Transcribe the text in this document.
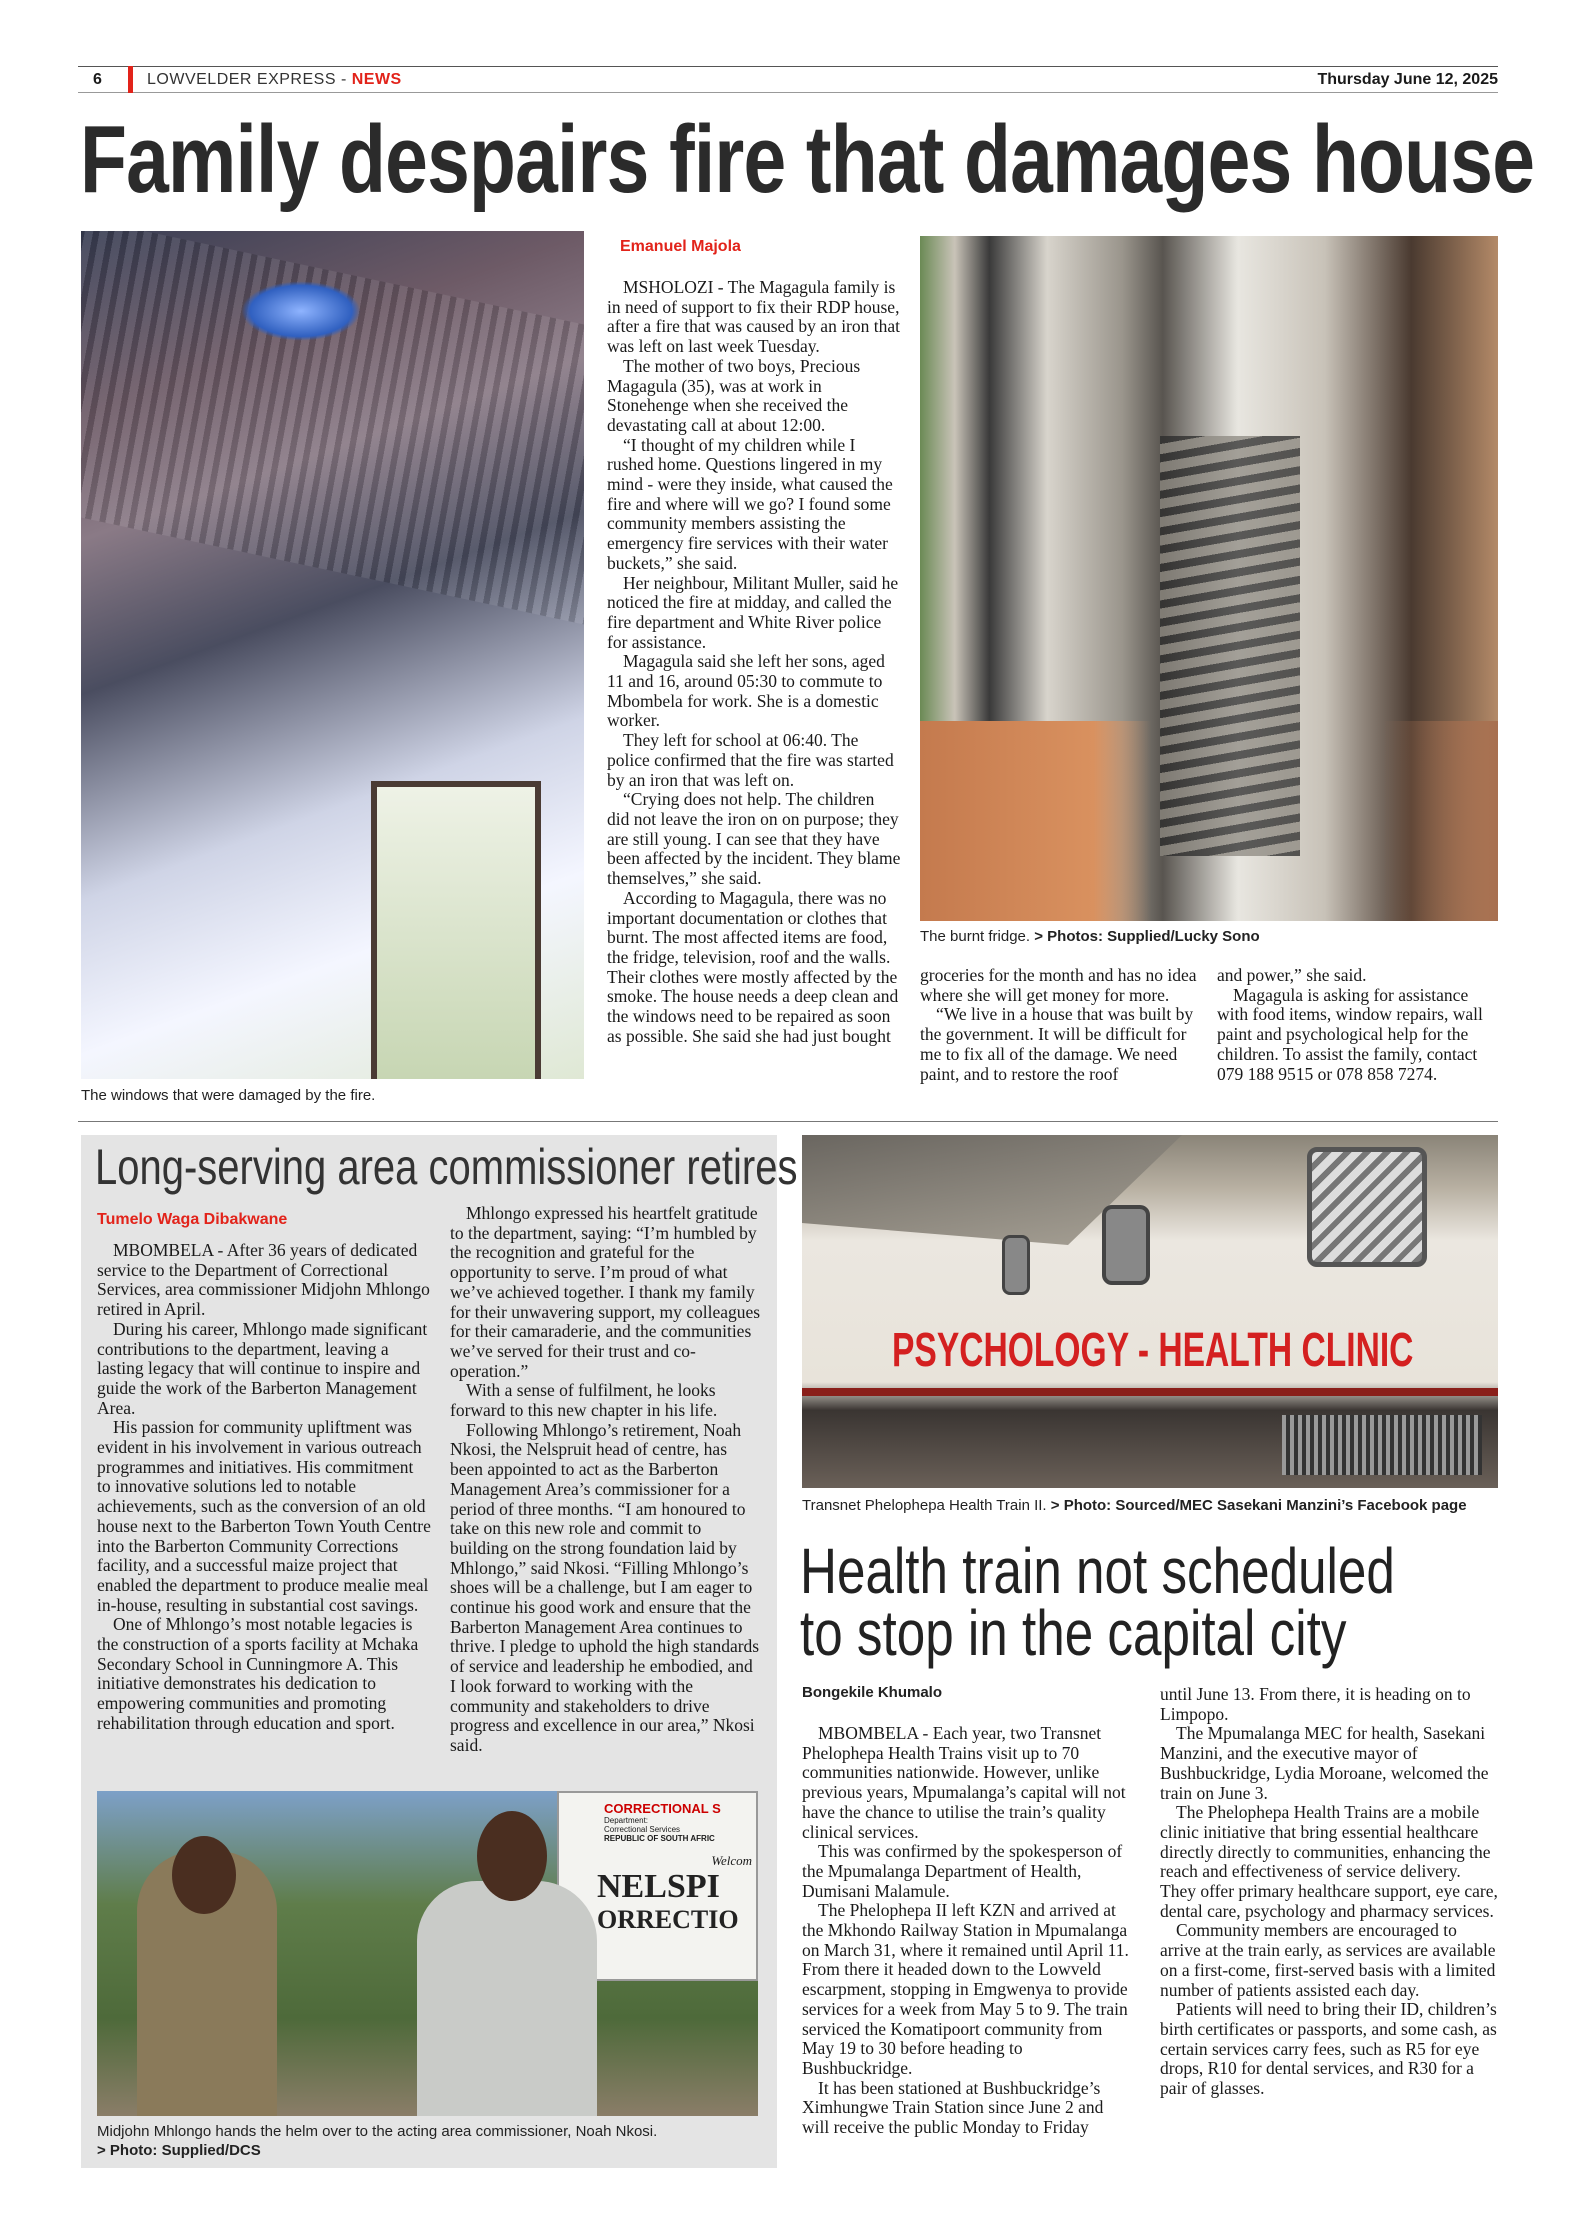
6	LOWVELDER EXPRESS - NEWS	Thursday June 12, 2025
Family despairs fire that damages house
The windows that were damaged by the fire.
Emanuel Majola

MSHOLOZI - The Magagula family is in need of support to fix their RDP house, after a fire that was caused by an iron that was left on last week Tuesday.

The mother of two boys, Precious Magagula (35), was at work in Stonehenge when she received the devastating call at about 12:00.

“I thought of my children while I rushed home. Questions lingered in my mind - were they inside, what caused the fire and where will we go? I found some community members assisting the emergency fire services with their water buckets,” she said.

Her neighbour, Militant Muller, said he noticed the fire at midday, and called the fire department and White River police for assistance.

Magagula said she left her sons, aged 11 and 16, around 05:30 to commute to Mbombela for work. She is a domestic worker.

They left for school at 06:40. The police confirmed that the fire was started by an iron that was left on.

“Crying does not help. The children did not leave the iron on on purpose; they are still young. I can see that they have been affected by the incident. They blame themselves,” she said.

According to Magagula, there was no important documentation or clothes that burnt. The most affected items are food, the fridge, television, roof and the walls. Their clothes were mostly affected by the smoke. The house needs a deep clean and the windows need to be repaired as soon as possible. She said she had just bought

The burnt fridge. > Photos: Supplied/Lucky Sono

groceries for the month and has no idea where she will get money for more.

“We live in a house that was built by the government. It will be difficult for me to fix all of the damage. We need paint, and to restore the roof

and power,” she said.

Magagula is asking for assistance with food items, window repairs, wall paint and psychological help for the children. To assist the family, contact 079 188 9515 or 078 858 7274.

Long-serving area commissioner retires
Tumelo Waga Dibakwane

MBOMBELA - After 36 years of dedicated service to the Department of Correctional Services, area commissioner Midjohn Mhlongo retired in April.

During his career, Mhlongo made significant contributions to the department, leaving a lasting legacy that will continue to inspire and guide the work of the Barberton Management Area.

His passion for community upliftment was evident in his involvement in various outreach programmes and initiatives. His commitment to innovative solutions led to notable achievements, such as the conversion of an old house next to the Barberton Town Youth Centre into the Barberton Community Corrections facility, and a successful maize project that enabled the department to produce mealie meal in-house, resulting in substantial cost savings.

One of Mhlongo’s most notable legacies is the construction of a sports facility at Mchaka Secondary School in Cunningmore A. This initiative demonstrates his dedication to empowering communities and promoting rehabilitation through education and sport.

Mhlongo expressed his heartfelt gratitude to the department, saying: “I’m humbled by the recognition and grateful for the opportunity to serve. I’m proud of what we’ve achieved together. I thank my family for their unwavering support, my colleagues for their camaraderie, and the communities we’ve served for their trust and co-operation.”

With a sense of fulfilment, he looks forward to this new chapter in his life.

Following Mhlongo’s retirement, Noah Nkosi, the Nelspruit head of centre, has been appointed to act as the Barberton Management Area’s commissioner for a period of three months. “I am honoured to take on this new role and commit to building on the strong foundation laid by Mhlongo,” said Nkosi. “Filling Mhlongo’s shoes will be a challenge, but I am eager to continue his good work and ensure that the Barberton Management Area continues to thrive. I pledge to uphold the high standards of service and leadership he embodied, and I look forward to working with the community and stakeholders to drive progress and excellence in our area,” Nkosi said.

CORRECTIONAL S
Department:
Correctional Services
REPUBLIC OF SOUTH AFRIC
Welcom
NELSPI
ORRECTIO
Midjohn Mhlongo hands the helm over to the acting area commissioner, Noah Nkosi.
> Photo: Supplied/DCS
PSYCHOLOGY - HEALTH CLINIC
Transnet Phelophepa Health Train II. > Photo: Sourced/MEC Sasekani Manzini’s Facebook page
Health train not scheduled
to stop in the capital city
Bongekile Khumalo

MBOMBELA - Each year, two Transnet Phelophepa Health Trains visit up to 70 communities nationwide. However, unlike previous years, Mpumalanga’s capital will not have the chance to utilise the train’s quality clinical services.

This was confirmed by the spokesperson of the Mpumalanga Department of Health, Dumisani Malamule.

The Phelophepa II left KZN and arrived at the Mkhondo Railway Station in Mpumalanga on March 31, where it remained until April 11. From there it headed down to the Lowveld escarpment, stopping in Emgwenya to provide services for a week from May 5 to 9. The train serviced the Komatipoort community from May 19 to 30 before heading to Bushbuckridge.

It has been stationed at Bushbuckridge’s Ximhungwe Train Station since June 2 and will receive the public Monday to Friday

until June 13. From there, it is heading on to Limpopo.

The Mpumalanga MEC for health, Sasekani Manzini, and the executive mayor of Bushbuckridge, Lydia Moroane, welcomed the train on June 3.

The Phelophepa Health Trains are a mobile clinic initiative that bring essential healthcare directly directly to communities, enhancing the reach and effectiveness of service delivery. They offer primary healthcare support, eye care, dental care, psychology and pharmacy services.

Community members are encouraged to arrive at the train early, as services are available on a first-come, first-served basis with a limited number of patients assisted each day.

Patients will need to bring their ID, children’s birth certificates or passports, and some cash, as certain services carry fees, such as R5 for eye drops, R10 for dental services, and R30 for a pair of glasses.
